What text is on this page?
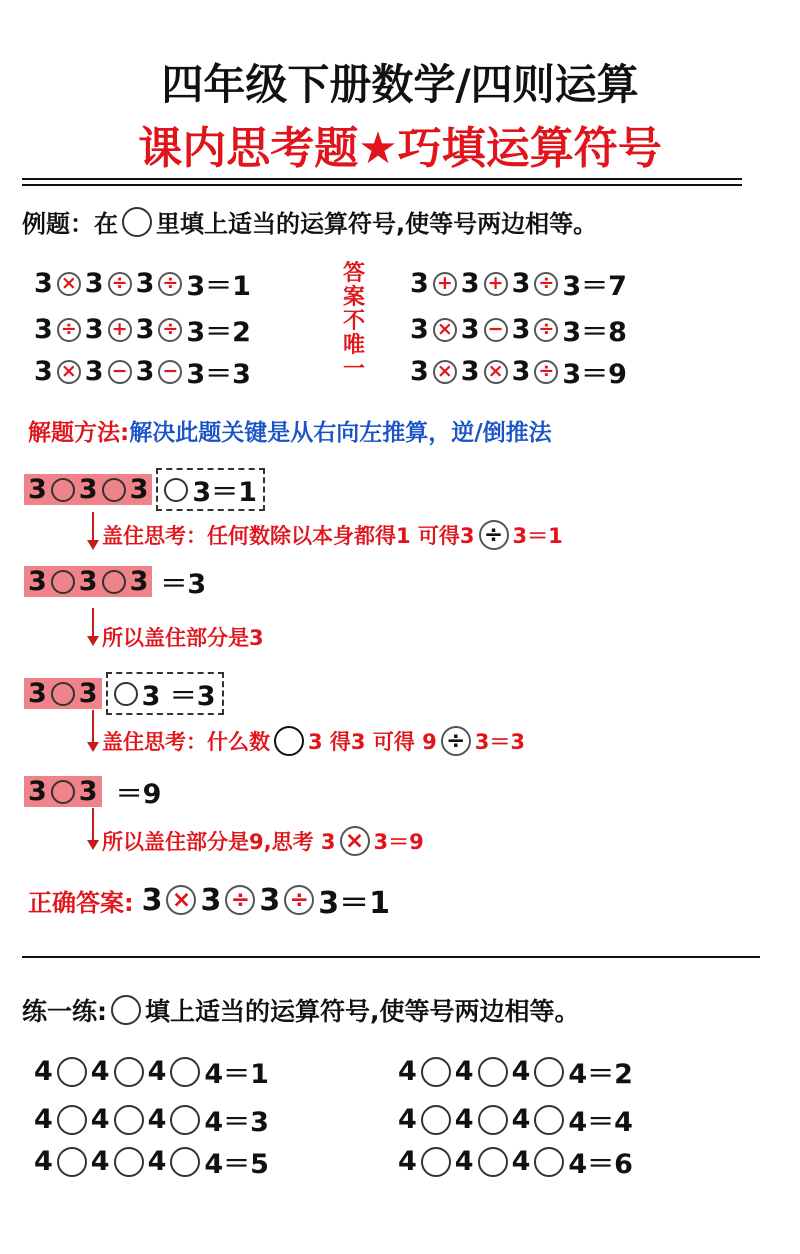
四年级下册数学/四则运算
课内思考题★巧填运算符号
例题：在 里填上适当的运算符号,使等号两边相等。
3 × 3 ÷ 3 ÷ 3＝1
3 ÷ 3 + 3 ÷ 3＝2
3 × 3 − 3 − 3＝3
答
案
不
唯
一
3 + 3 + 3 ÷ 3＝7
3 × 3 − 3 ÷ 3＝8
3 × 3 × 3 ÷ 3＝9
解题方法:解决此题关键是从右向左推算，逆/倒推法
3 3 3 3＝1
盖住思考：任何数除以本身都得1 可得3 ÷ 3＝1
3 3 3 ＝3
所以盖住部分是3
3 3 3 ＝3
盖住思考：什么数 3 得3 可得 9 ÷ 3＝3
3 3 ＝9
所以盖住部分是9,思考 3 × 3＝9
正确答案: 3 × 3 ÷ 3 ÷ 3＝1
练一练: 填上适当的运算符号,使等号两边相等。
4 4 4 4＝1
4 4 4 4＝3
4 4 4 4＝5
4 4 4 4＝2
4 4 4 4＝4
4 4 4 4＝6
